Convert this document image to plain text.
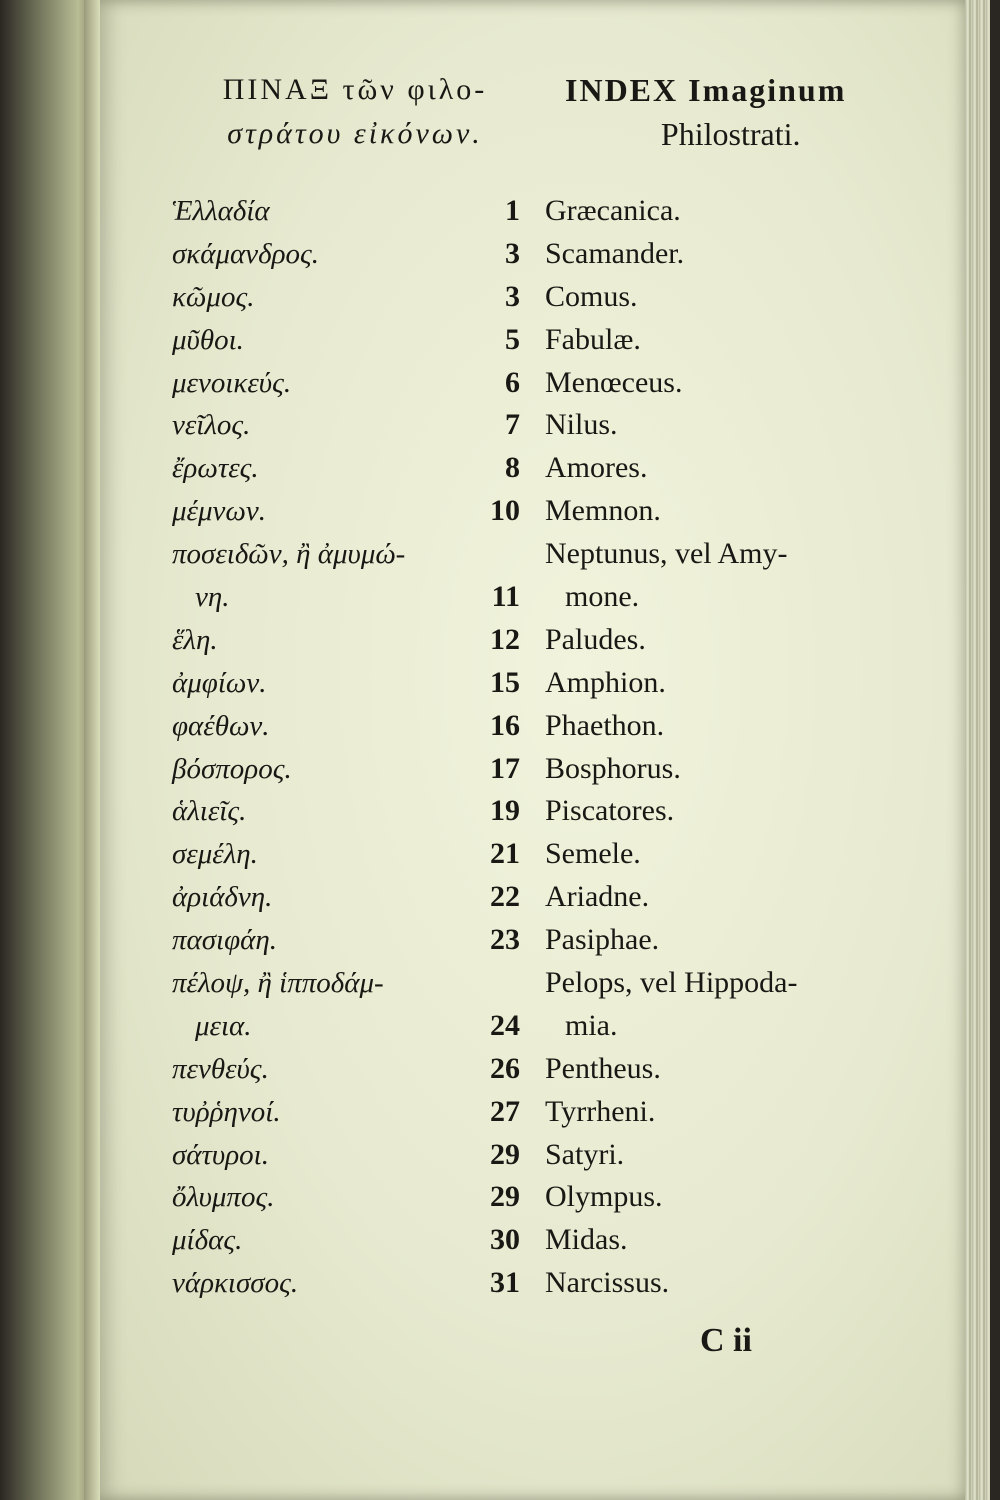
ΠΙΝΑΞ τῶν φιλο-
στράτου εἰκόνων.
INDEX Imaginum
Philostrati.
Ἑλλαδία	1 Græcanica.
σκάμανδρος.	3 Scamander.
κῶμος.	3 Comus.
μῦθοι.	5 Fabulæ.
μενοικεύς.	6 Menœceus.
νεῖλος.	7 Nilus.
ἔρωτες.	8 Amores.
μέμνων.	10 Memnon.
ποσειδῶν, ἢ ἀμυμώ-	Neptunus, vel Amy-
νη.	11 mone.
ἕλη.	12 Paludes.
ἀμφίων.	15 Amphion.
φαέθων.	16 Phaethon.
βόσπορος.	17 Bosphorus.
ἁλιεῖς.	19 Piscatores.
σεμέλη.	21 Semele.
ἀριάδνη.	22 Ariadne.
πασιφάη.	23 Pasiphae.
πέλοψ, ἢ ἱπποδάμ-	Pelops, vel Hippoda-
μεια.	24 mia.
πενθεύς.	26 Pentheus.
τυῤῥηνοί.	27 Tyrrheni.
σάτυροι.	29 Satyri.
ὄλυμπος.	29 Olympus.
μίδας.	30 Midas.
νάρκισσος.	31 Narcissus.
C ii
